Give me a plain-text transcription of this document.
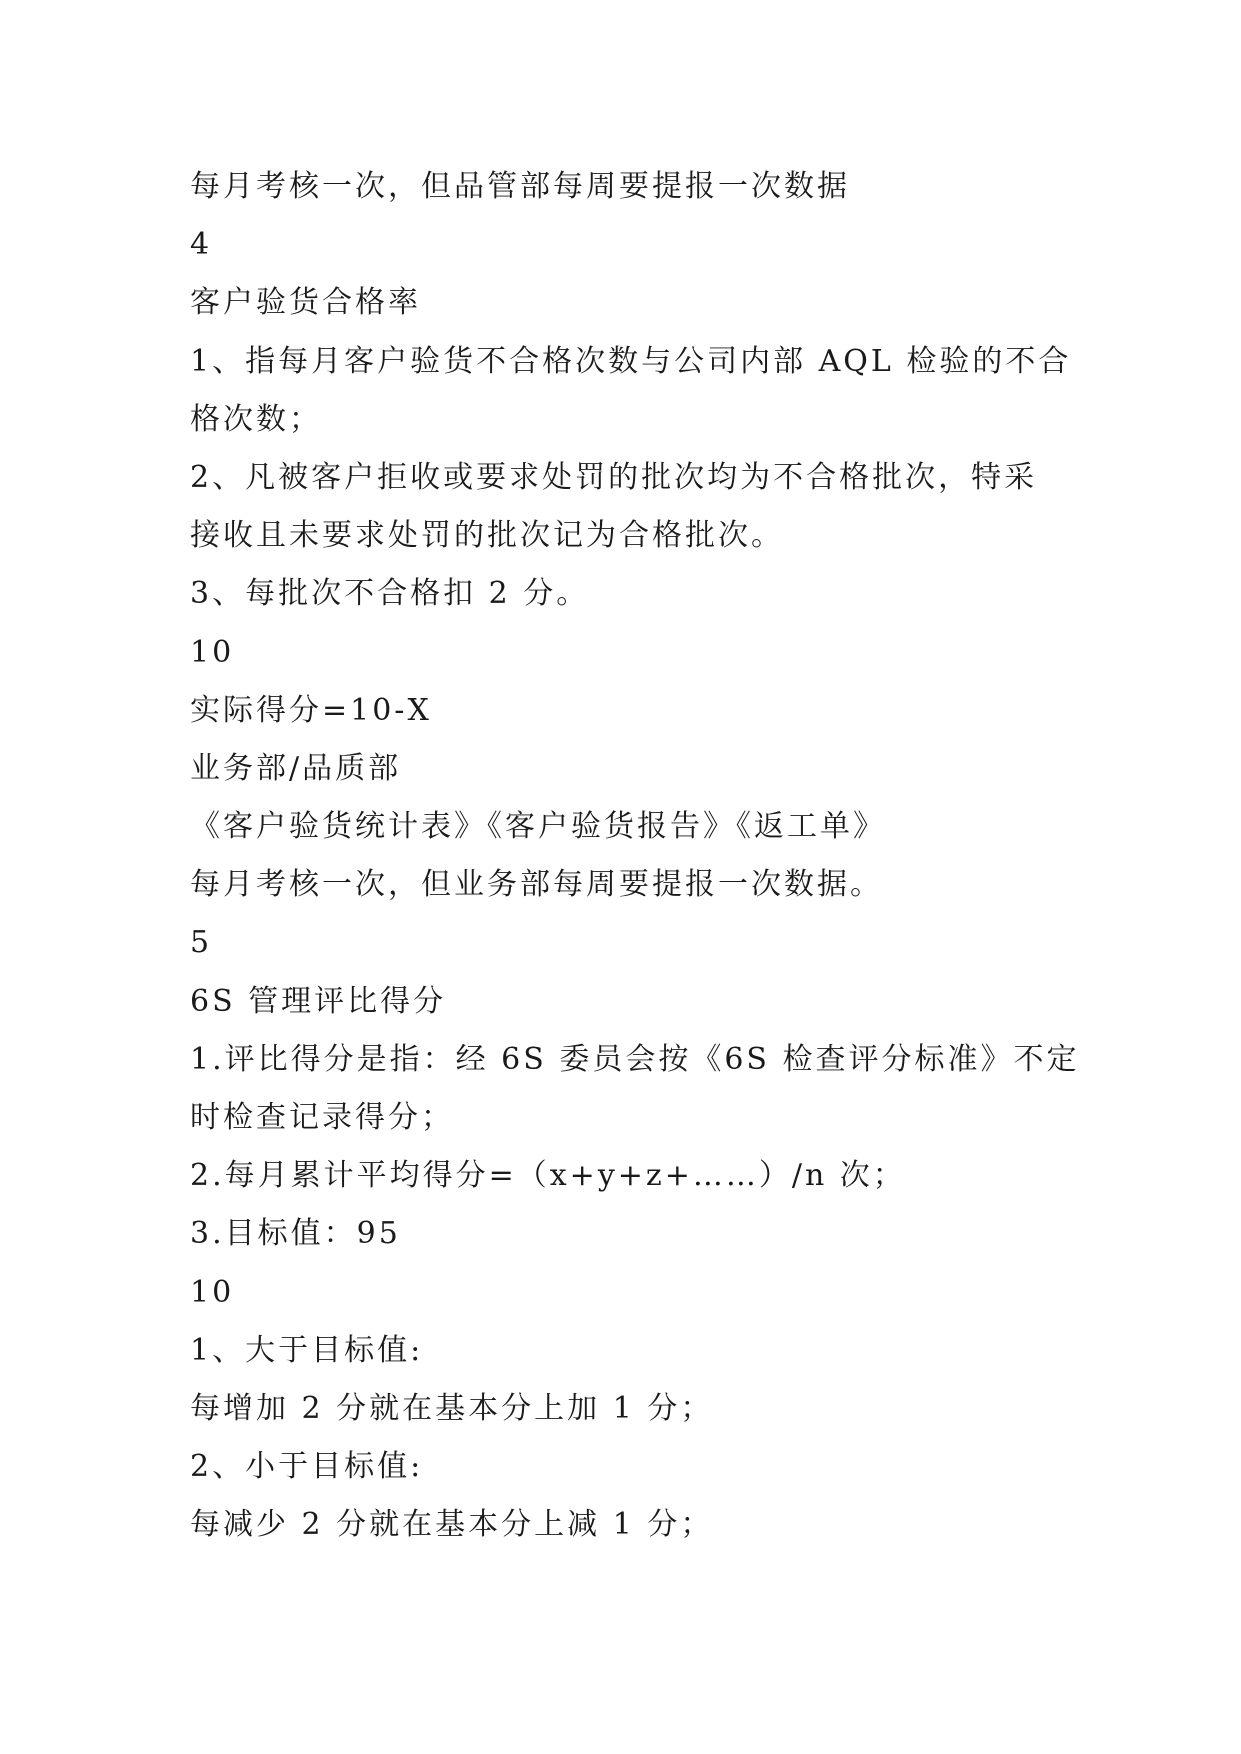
每月考核一次，但品管部每周要提报一次数据
4
客户验货合格率
1、指每月客户验货不合格次数与公司内部 AQL 检验的不合
格次数；
2、凡被客户拒收或要求处罚的批次均为不合格批次，特采
接收且未要求处罚的批次记为合格批次。
3、每批次不合格扣 2 分。
10
实际得分=10-X
业务部/品质部
《客户验货统计表》《客户验货报告》《返工单》
每月考核一次，但业务部每周要提报一次数据。
5
6S 管理评比得分
1.评比得分是指：经 6S 委员会按《6S 检查评分标准》不定
时检查记录得分；
2.每月累计平均得分=（x+y+z+……）/n 次；
3.目标值：95
10
1、大于目标值:
每增加 2 分就在基本分上加 1 分；
2、小于目标值:
每减少 2 分就在基本分上减 1 分；
